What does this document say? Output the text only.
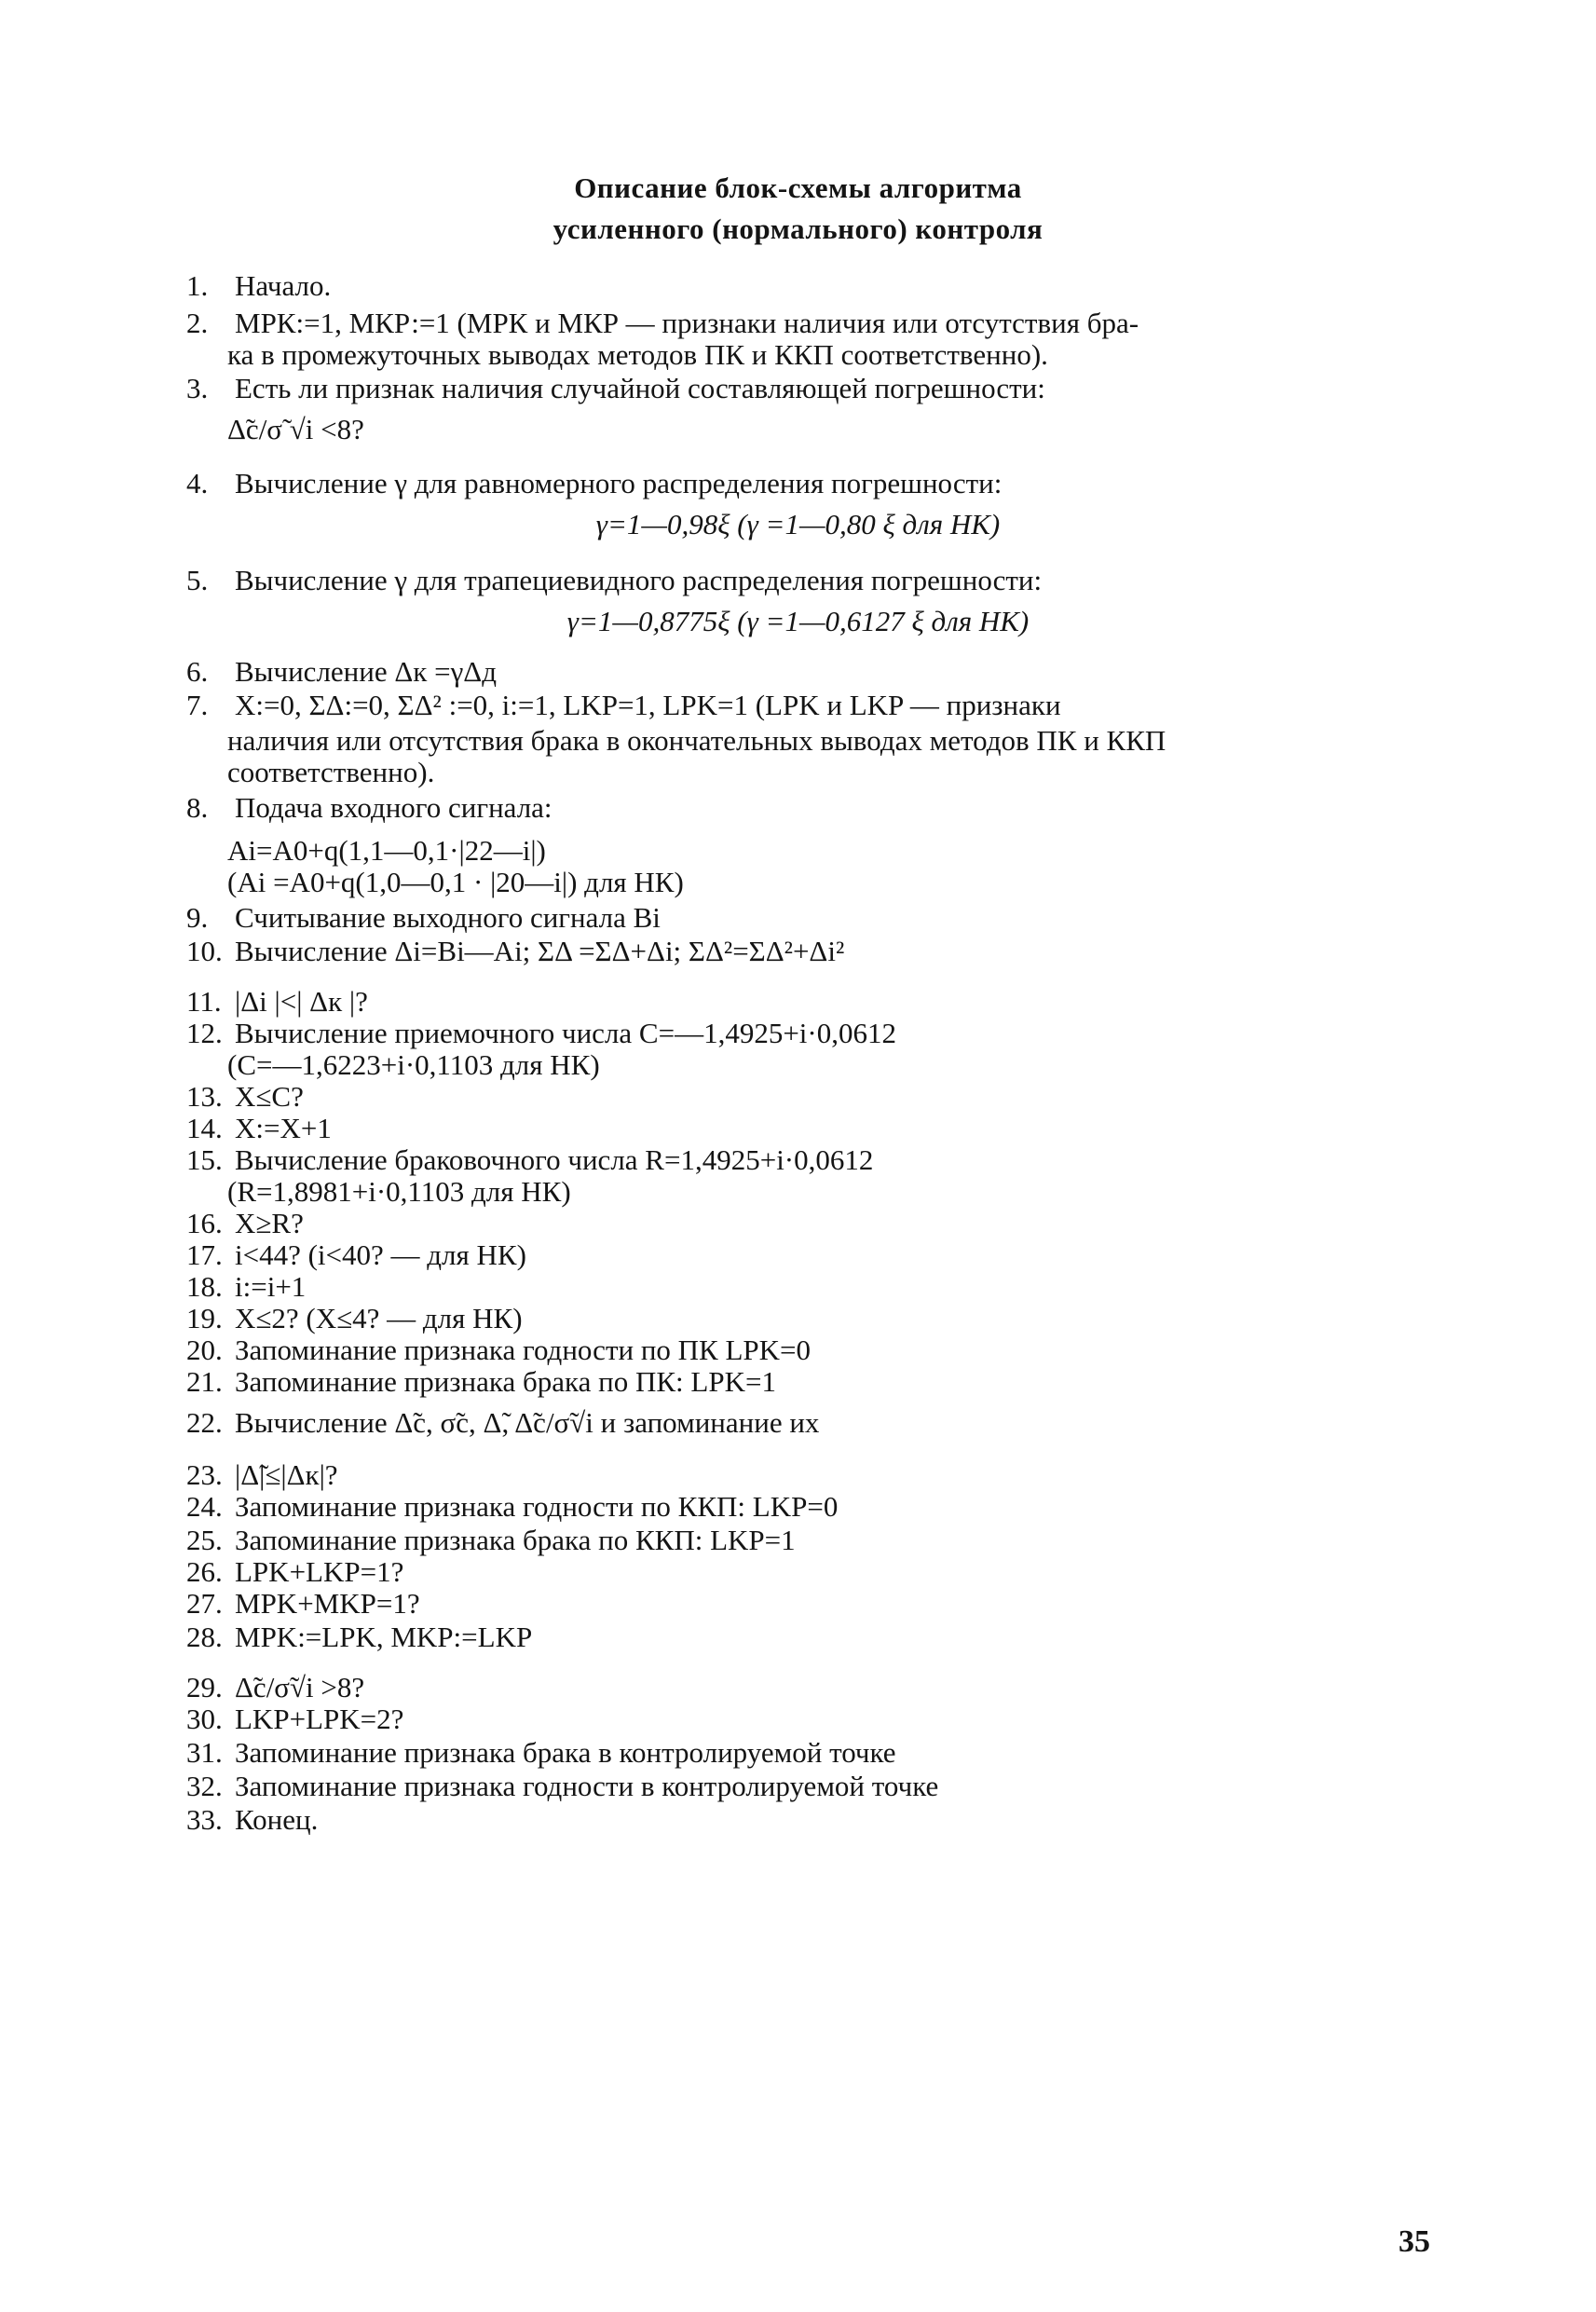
Описание блок-схемы алгоритма
усиленного (нормального) контроля
1. Начало.
2. МРК:=1, МКР:=1 (МРК и МКР — признаки наличия или отсутствия бра-
ка в промежуточных выводах методов ПК и ККП соответственно).
3. Есть ли признак наличия случайной составляющей погрешности:
Δ̃c/σ̃ √i <8?
4. Вычисление γ для равномерного распределения погрешности:
γ=1—0,98ξ (γ =1—0,80 ξ для НК)
5. Вычисление γ для трапециевидного распределения погрешности:
γ=1—0,8775ξ (γ =1—0,6127 ξ для НК)
6. Вычисление Δк =γΔд
7. X:=0, ΣΔ:=0, ΣΔ² :=0, i:=1, LKP=1, LPK=1 (LPK и LKP — признаки
наличия или отсутствия брака в окончательных выводах методов ПК и ККП
соответственно).
8. Подача входного сигнала:
Ai=A0+q(1,1—0,1·|22—i|)
(Ai =A0+q(1,0—0,1 · |20—i|) для НК)
9. Считывание выходного сигнала Bi
10. Вычисление Δi=Bi—Ai; ΣΔ =ΣΔ+Δi; ΣΔ²=ΣΔ²+Δi²
11. |Δi |<| Δк |?
12. Вычисление приемочного числа C=—1,4925+i·0,0612
(C=—1,6223+i·0,1103 для НК)
13. X≤C?
14. X:=X+1
15. Вычисление браковочного числа R=1,4925+i·0,0612
(R=1,8981+i·0,1103 для НК)
16. X≥R?
17. i<44? (i<40? — для НК)
18. i:=i+1
19. X≤2? (X≤4? — для НК)
20. Запоминание признака годности по ПК LPK=0
21. Запоминание признака брака по ПК: LPK=1
22. Вычисление Δ̃c, σ̃c, Δ̃, Δ̃c/σ̃√i и запоминание их
23. |Δ̃|≤|Δк|?
24. Запоминание признака годности по ККП: LKP=0
25. Запоминание признака брака по ККП: LKP=1
26. LPK+LKP=1?
27. MPK+MKP=1?
28. MPK:=LPK, MKP:=LKP
29. Δ̃c/σ̃√i >8?
30. LKP+LPK=2?
31. Запоминание признака брака в контролируемой точке
32. Запоминание признака годности в контролируемой точке
33. Конец.
35
